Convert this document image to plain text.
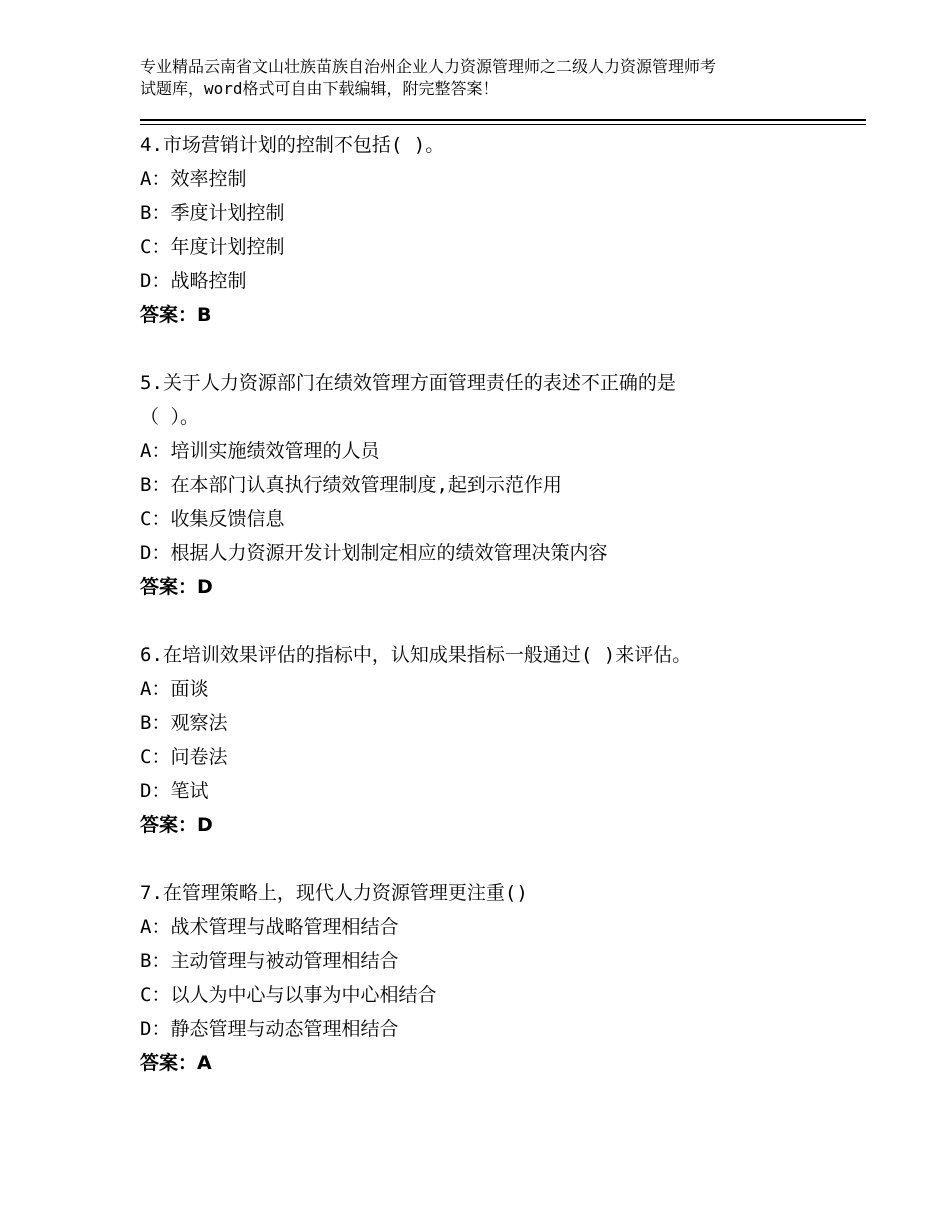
专业精品云南省文山壮族苗族自治州企业人力资源管理师之二级人力资源管理师考
试题库，word格式可自由下载编辑，附完整答案！
4.市场营销计划的控制不包括( )。
A：效率控制
B：季度计划控制
C：年度计划控制
D：战略控制
答案：B
5.关于人力资源部门在绩效管理方面管理责任的表述不正确的是
（ ）。
A：培训实施绩效管理的人员
B：在本部门认真执行绩效管理制度,起到示范作用
C：收集反馈信息
D：根据人力资源开发计划制定相应的绩效管理决策内容
答案：D
6.在培训效果评估的指标中，认知成果指标一般通过( )来评估。
A：面谈
B：观察法
C：问卷法
D：笔试
答案：D
7.在管理策略上，现代人力资源管理更注重()
A：战术管理与战略管理相结合
B：主动管理与被动管理相结合
C：以人为中心与以事为中心相结合
D：静态管理与动态管理相结合
答案：A
